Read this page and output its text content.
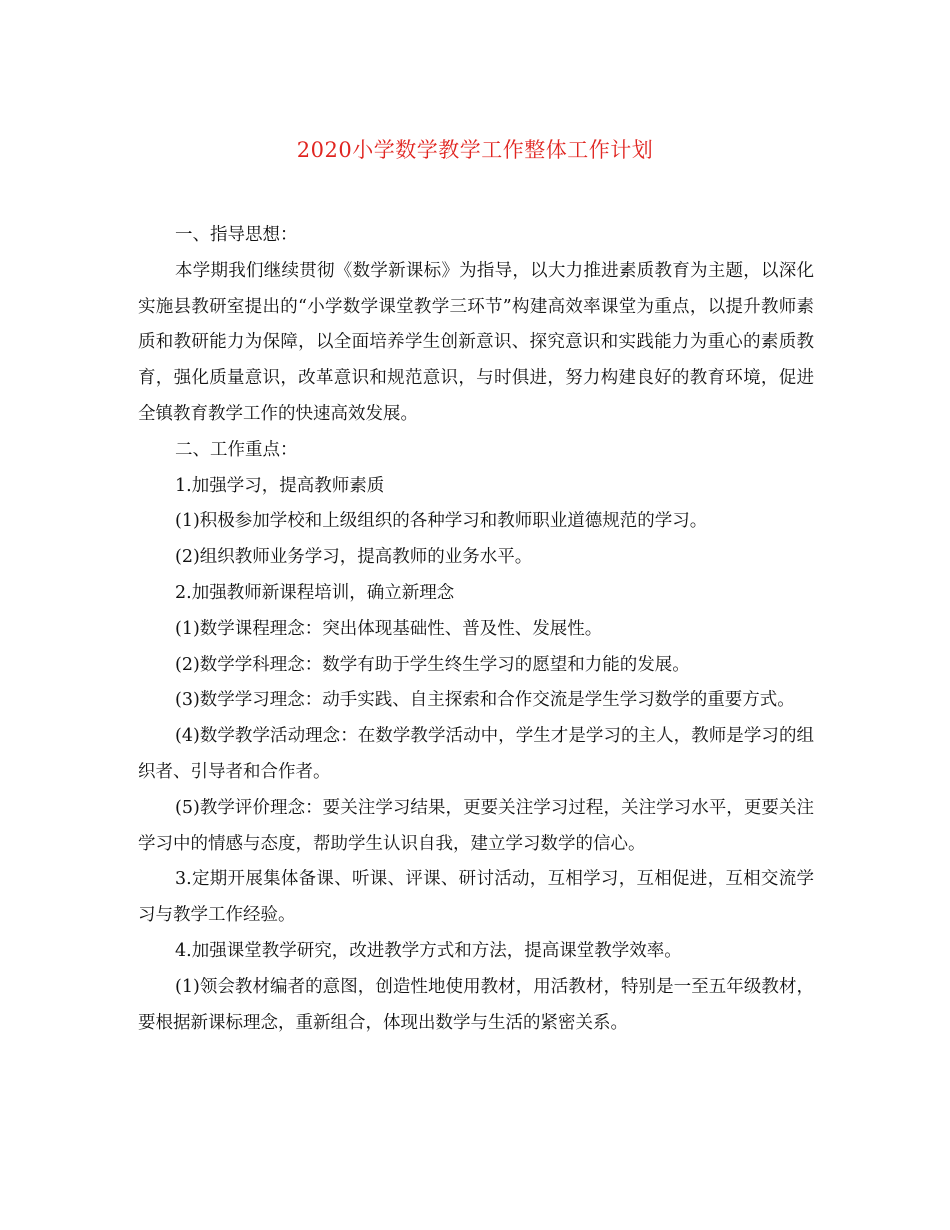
2020小学数学教学工作整体工作计划

一、指导思想：

本学期我们继续贯彻《数学新课标》为指导，以大力推进素质教育为主题，以深化实施县教研室提出的“小学数学课堂教学三环节”构建高效率课堂为重点，以提升教师素质和教研能力为保障，以全面培养学生创新意识、探究意识和实践能力为重心的素质教育，强化质量意识，改革意识和规范意识，与时俱进，努力构建良好的教育环境，促进全镇教育教学工作的快速高效发展。

二、工作重点：

1.加强学习，提高教师素质

(1)积极参加学校和上级组织的各种学习和教师职业道德规范的学习。

(2)组织教师业务学习，提高教师的业务水平。

2.加强教师新课程培训，确立新理念

(1)数学课程理念：突出体现基础性、普及性、发展性。

(2)数学学科理念：数学有助于学生终生学习的愿望和力能的发展。

(3)数学学习理念：动手实践、自主探索和合作交流是学生学习数学的重要方式。

(4)数学教学活动理念：在数学教学活动中，学生才是学习的主人，教师是学习的组织者、引导者和合作者。

(5)教学评价理念：要关注学习结果，更要关注学习过程，关注学习水平，更要关注学习中的情感与态度，帮助学生认识自我，建立学习数学的信心。

3.定期开展集体备课、听课、评课、研讨活动，互相学习，互相促进，互相交流学习与教学工作经验。

4.加强课堂教学研究，改进教学方式和方法，提高课堂教学效率。

(1)领会教材编者的意图，创造性地使用教材，用活教材，特别是一至五年级教材，要根据新课标理念，重新组合，体现出数学与生活的紧密关系。
